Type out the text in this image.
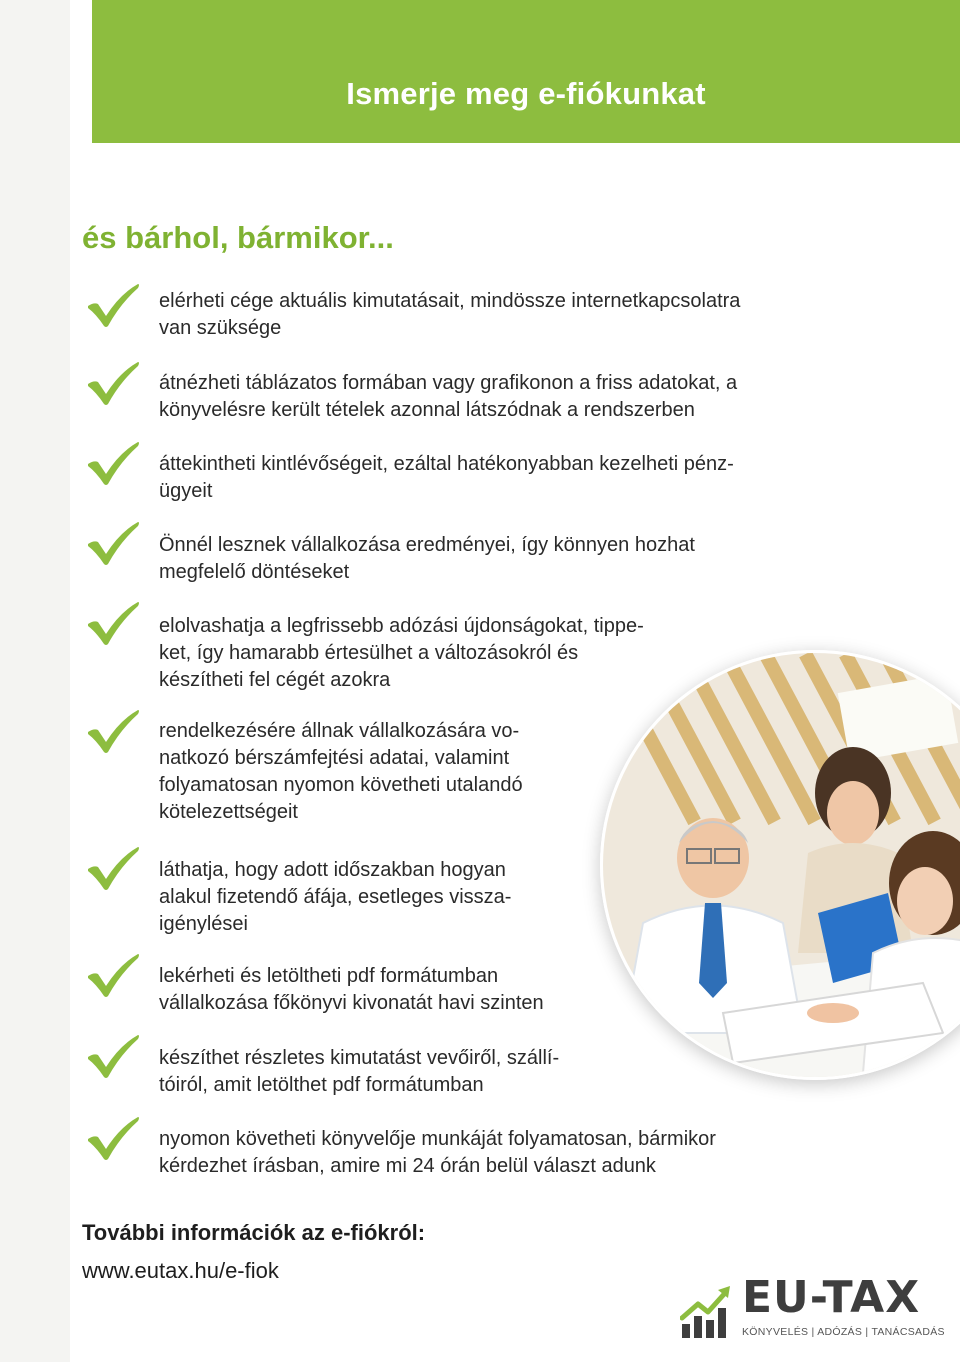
Ismerje meg e-fiókunkat
és bárhol, bármikor...
elérheti cége aktuális kimutatásait, mindössze internetkapcsolatra
van szüksége
átnézheti táblázatos formában vagy grafikonon a friss adatokat, a
könyvelésre került tételek azonnal látszódnak a rendszerben
áttekintheti kintlévőségeit, ezáltal hatékonyabban kezelheti pénz-
ügyeit
Önnél lesznek vállalkozása eredményei, így könnyen hozhat
megfelelő döntéseket
elolvashatja a legfrissebb adózási újdonságokat, tippe-
ket, így hamarabb értesülhet a változásokról és
készítheti fel cégét azokra
rendelkezésére állnak vállalkozására vo-
natkozó bérszámfejtési adatai, valamint
folyamatosan nyomon követheti utalandó
kötelezettségeit
láthatja, hogy adott időszakban hogyan
alakul fizetendő áfája, esetleges vissza-
igénylései
lekérheti és letöltheti pdf formátumban
vállalkozása főkönyvi kivonatát havi szinten
készíthet részletes kimutatást vevőiről, szállí-
tóiról, amit letölthet pdf formátumban
nyomon követheti könyvelője munkáját folyamatosan, bármikor
kérdezhet írásban, amire mi 24 órán belül választ adunk
További információk az e-fiókról:
www.eutax.hu/e-fiok
EU-TAX
KÖNYVELÉS | ADÓZÁS | TANÁCSADÁS
